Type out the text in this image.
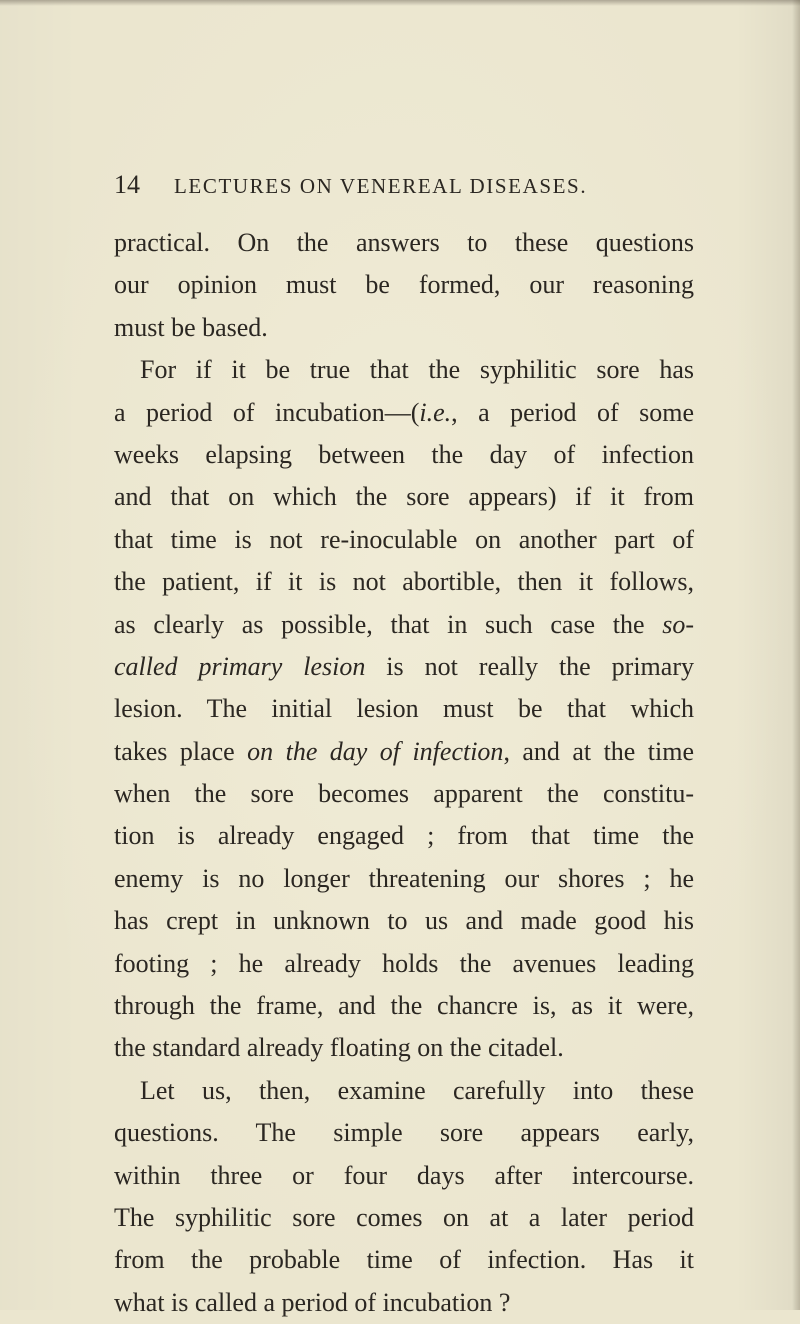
14	LECTURES ON VENEREAL DISEASES.
practical. On the answers to these questions
our opinion must be formed, our reasoning
must be based.
For if it be true that the syphilitic sore has
a period of incubation—(i.e., a period of some
weeks elapsing between the day of infection
and that on which the sore appears) if it from
that time is not re-inoculable on another part of
the patient, if it is not abortible, then it follows,
as clearly as possible, that in such case the so-
called primary lesion is not really the primary
lesion. The initial lesion must be that which
takes place on the day of infection, and at the time
when the sore becomes apparent the constitu-
tion is already engaged ; from that time the
enemy is no longer threatening our shores ; he
has crept in unknown to us and made good his
footing ; he already holds the avenues leading
through the frame, and the chancre is, as it were,
the standard already floating on the citadel.
Let us, then, examine carefully into these
questions. The simple sore appears early,
within three or four days after intercourse.
The syphilitic sore comes on at a later period
from the probable time of infection. Has it
what is called a period of incubation ?
